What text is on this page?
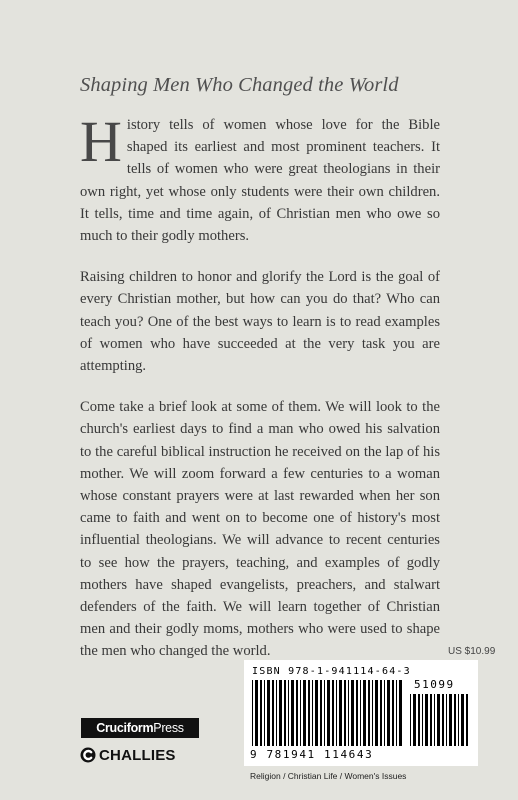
Shaping Men Who Changed the World

History tells of women whose love for the Bible shaped its earliest and most prominent teachers. It tells of women who were great theologians in their own right, yet whose only students were their own children. It tells, time and time again, of Christian men who owe so much to their godly mothers.

Raising children to honor and glorify the Lord is the goal of every Christian mother, but how can you do that? Who can teach you? One of the best ways to learn is to read examples of women who have succeeded at the very task you are attempting.

Come take a brief look at some of them. We will look to the church's earliest days to find a man who owed his salvation to the careful biblical instruction he received on the lap of his mother. We will zoom forward a few centuries to a woman whose constant prayers were at last rewarded when her son came to faith and went on to become one of history's most influential theologians. We will advance to recent centuries to see how the prayers, teaching, and examples of godly mothers have shaped evangelists, preachers, and stalwart defenders of the faith. We will learn together of Christian men and their godly moms, mothers who were used to shape the men who changed the world.	US $10.99
ISBN 978-1-941114-64-3
51099
9 781941 114643
Religion / Christian Life / Women's Issues
CruciformPress
CHALLIES
